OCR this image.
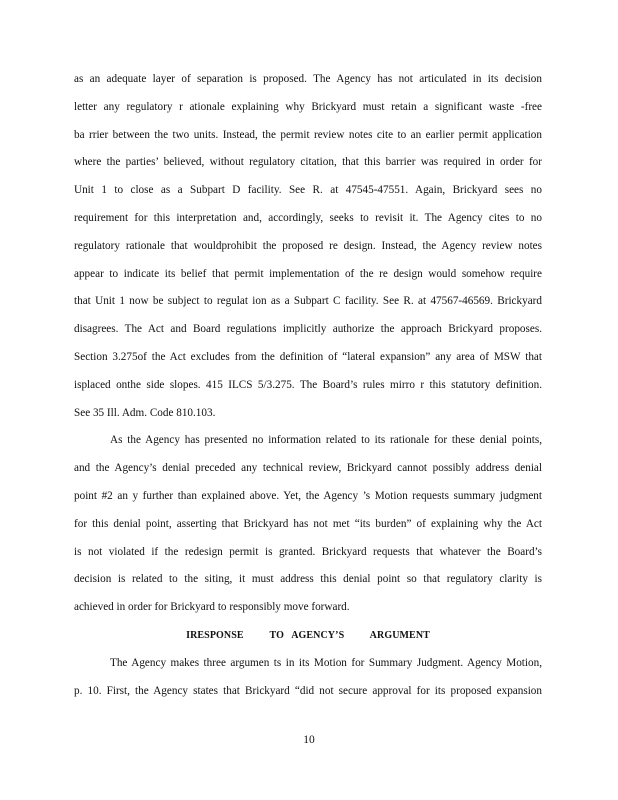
as an adequate layer of separation is proposed. The Agency has not articulated in its decision
letter any regulatory r ationale explaining why Brickyard must retain a significant waste -free
ba rrier between the two units. Instead, the permit review notes cite to an earlier permit application
where the parties’ believed, without regulatory citation, that this barrier was required in order for
Unit 1 to close as a Subpart D facility. See R. at 47545-47551. Again, Brickyard sees no
requirement for this interpretation and, accordingly, seeks to revisit it. The Agency cites to no
regulatory rationale that wouldprohibit the proposed re design. Instead, the Agency review notes
appear to indicate its belief that permit implementation of the re design would somehow require
that Unit 1 now be subject to regulat ion as a Subpart C facility. See R. at 47567-46569. Brickyard
disagrees. The Act and Board regulations implicitly authorize the approach Brickyard proposes.
Section 3.275of the Act excludes from the definition of “lateral expansion” any area of MSW that
isplaced onthe side slopes. 415 ILCS 5/3.275. The Board’s rules mirro r this statutory definition.
See 35 Ill. Adm. Code 810.103.
As the Agency has presented no information related to its rationale for these denial points,
and the Agency’s denial preceded any technical review, Brickyard cannot possibly address denial
point #2 an y further than explained above. Yet, the Agency ’s Motion requests summary judgment
for this denial point, asserting that Brickyard has not met “its burden” of explaining why the Act
is not violated if the redesign permit is granted. Brickyard requests that whatever the Board’s
decision is related to the siting, it must address this denial point so that regulatory clarity is
achieved in order for Brickyard to responsibly move forward.
IRESPONSE          TO   AGENCY’S          ARGUMENT
The Agency makes three argumen ts in its Motion for Summary Judgment. Agency Motion,
p. 10. First, the Agency states that Brickyard “did not secure approval for its proposed expansion
10
